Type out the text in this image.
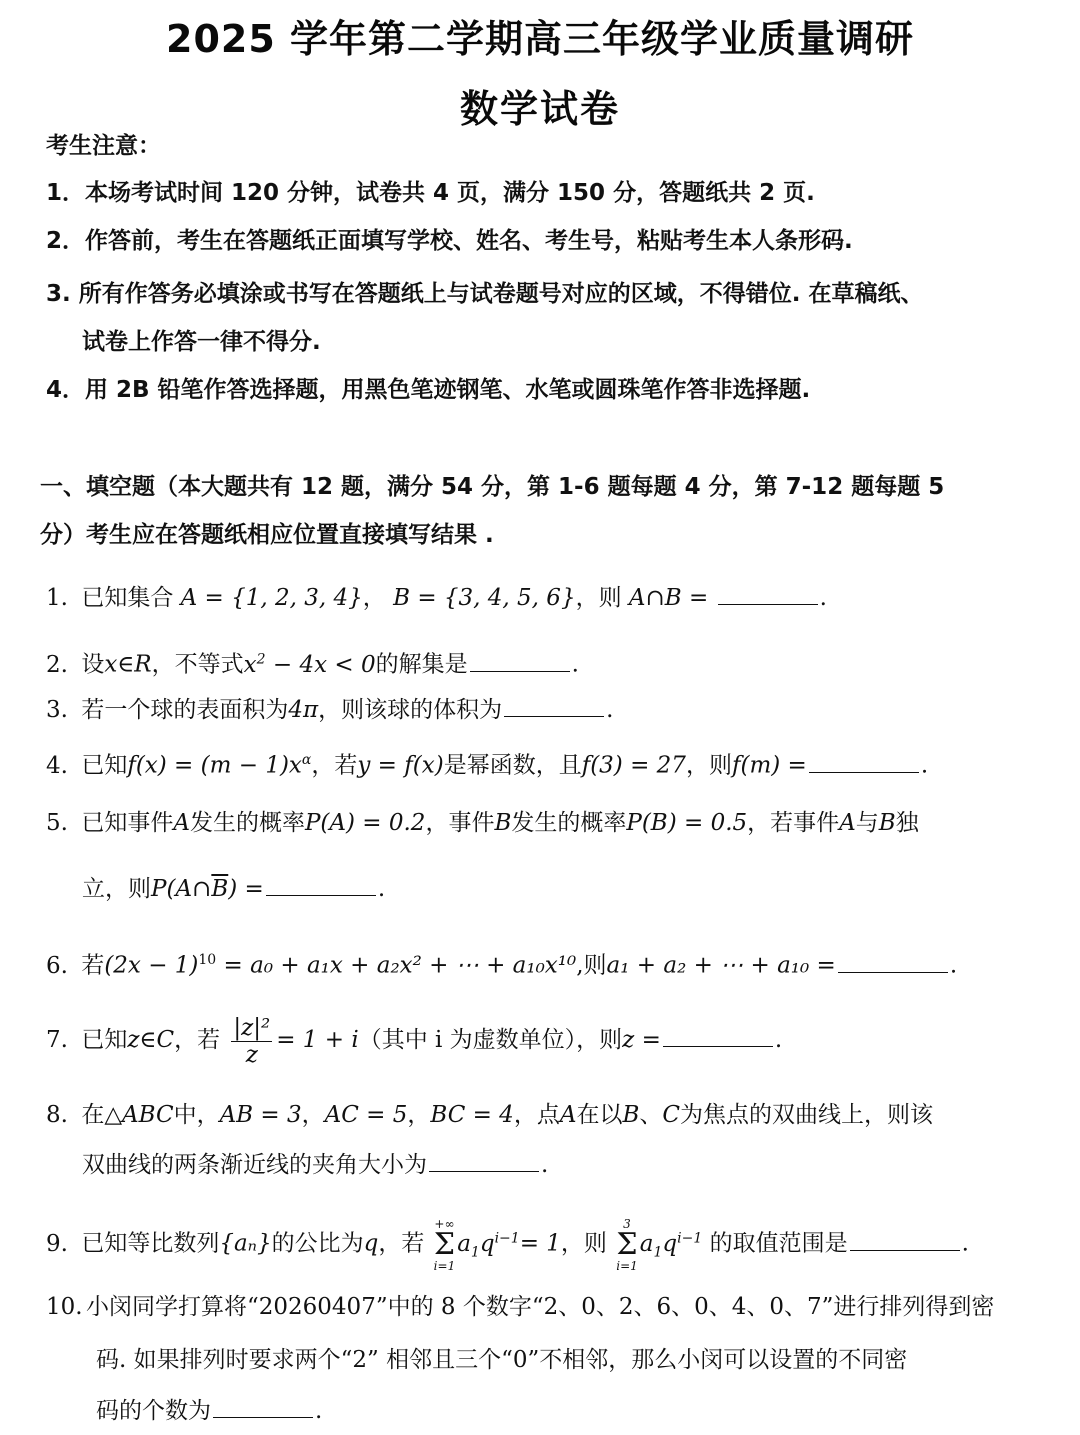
2025 学年第二学期高三年级学业质量调研
数学试卷
考生注意：
1．本场考试时间 120 分钟，试卷共 4 页，满分 150 分，答题纸共 2 页.
2．作答前，考生在答题纸正面填写学校、姓名、考生号，粘贴考生本人条形码.
3. 所有作答务必填涂或书写在答题纸上与试卷题号对应的区域，不得错位. 在草稿纸、
试卷上作答一律不得分.
4．用 2B 铅笔作答选择题，用黑色笔迹钢笔、水笔或圆珠笔作答非选择题.
一、填空题（本大题共有 12 题，满分 54 分，第 1-6 题每题 4 分，第 7-12 题每题 5
分）考生应在答题纸相应位置直接填写结果 .
1. 已知集合 A = {1, 2, 3, 4}， B = {3, 4, 5, 6}，则 A∩B =	.
2. 设x∈R，不等式$x^2 - 4x < 0$的解集是	.
3. 若一个球的表面积为4π，则该球的体积为	.
4. 已知$f(x) = (m - 1)x^\alpha$，若y = f(x)是幂函数，且f(3) = 27，则f(m) =	.
5. 已知事件A发生的概率P(A) = 0.2，事件B发生的概率P(B) = 0.5，若事件A与B独
立，则$P(A\cap\overline{B})$ =	.
6. 若$(2x - 1)^{10} = a_0 + a_1x + a_2x^2$ + ⋯ + a₁₀x¹⁰,则a₁ + a₂ + ⋯ + a₁₀ =	.
7. 已知z∈C，若 $\frac{\text{|z|²}}{z} = 1 + i$（其中 i 为虚数单位），则z =	.
8. 在△ABC中，AB = 3，AC = 5，BC = 4，点A在以B、C为焦点的双曲线上，则该
双曲线的两条渐近线的夹角大小为	.
9. 已知等比数列{aₙ}的公比为q，若
+∞
Σ
i=1
$a_1q^{i-1}= 1$，则
3
Σ
i=1
$a_1q^{i-1}$ 的取值范围是	.
10. 小闵同学打算将“20260407”中的 8 个数字“2、0、2、6、0、4、0、7”进行排列得到密
码. 如果排列时要求两个“2” 相邻且三个“0”不相邻，那么小闵可以设置的不同密
码的个数为	.
